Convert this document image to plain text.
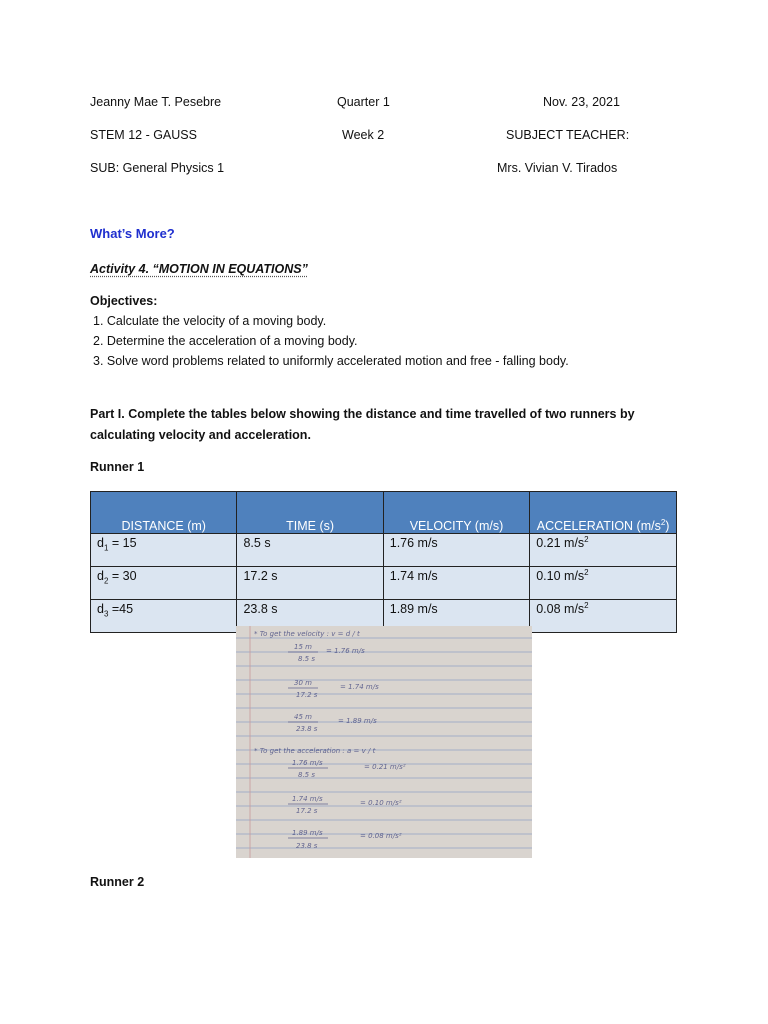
Jeanny Mae T. Pesebre	Quarter 1	Nov. 23, 2021
STEM 12 - GAUSS	Week 2	SUBJECT TEACHER:
SUB: General Physics 1	Mrs. Vivian V. Tirados
What’s More?
Activity 4. “MOTION IN EQUATIONS”
Objectives:
1. Calculate the velocity of a moving body.
2. Determine the acceleration of a moving body.
3. Solve word problems related to uniformly accelerated motion and free - falling body.
Part I. Complete the tables below showing the distance and time travelled of two runners by
calculating velocity and acceleration.
Runner 1
DISTANCE (m)	TIME (s)	VELOCITY (m/s)	ACCELERATION $(m/s^2)$
$d_1 = 15$	8.5 s	1.76 m/s	0.21 $m/s^2$
$d_2 = 30$	17.2 s	1.74 m/s	0.10 $m/s^2$
$d_3 =45$	23.8 s	1.89 m/s	0.08 $m/s^2$
* To get the velocity : v = d / t
15 m
8.5 s
= 1.76 m/s
30 m
17.2 s
= 1.74 m/s
45 m
23.8 s
= 1.89 m/s
* To get the acceleration : a = v / t
1.76 m/s
8.5 s
= 0.21 m/s²
1.74 m/s
17.2 s
= 0.10 m/s²
1.89 m/s
23.8 s
= 0.08 m/s²
Runner 2
